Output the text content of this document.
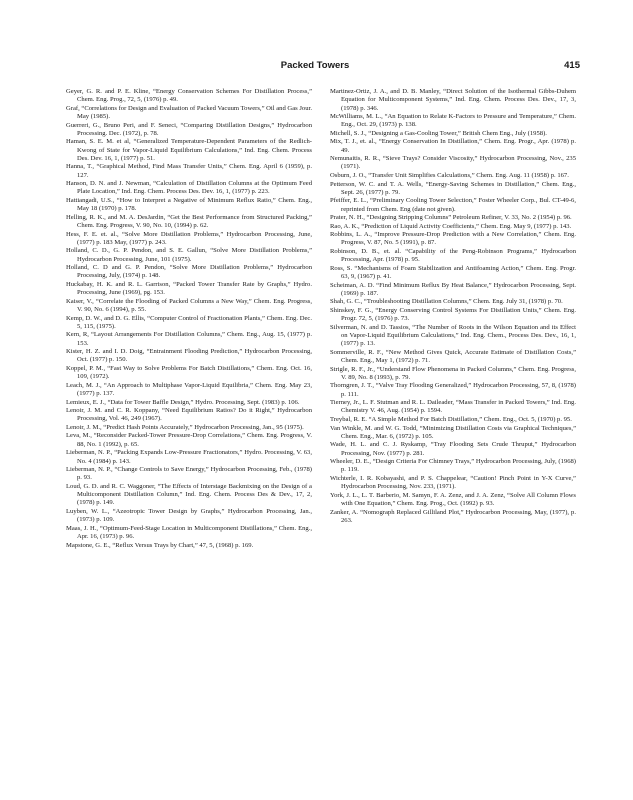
Packed Towers	415

Geyer, G. R. and P. E. Kline, “Energy Conservation Schemes For Distillation Process,” Chem. Eng. Prog., 72, 5, (1976) p. 49.

Graf, “Correlations for Design and Evaluation of Packed Vacuum Towers,” Oil and Gas Jour. May (1985).

Guerreri, G., Bruno Peri, and F. Seneci, “Comparing Distillation Designs,” Hydrocarbon Processing. Dec. (1972), p. 78.

Haman, S. E. M. et al, “Generalized Temperature-Dependent Parameters of the Redlich-Kwong of State for Vapor-Liquid Equilibrium Calculations,” Ind. Eng. Chem. Process Des. Dev. 16, 1, (1977) p. 51.

Hanna, T., “Graphical Method, Find Mass Transfer Units,” Chem. Eng. April 6 (1959), p. 127.

Hanson, D. N. and J. Newman, “Calculation of Distillation Columns at the Optimum Feed Plate Location,” Ind. Eng. Chem. Process Des. Dev. 16, 1, (1977) p. 223.

Hattiangadi, U.S., “How to Interpret a Negative of Minimum Reflux Ratio,” Chem. Eng., May 18 (1970) p. 178.

Helling, R. K., and M. A. DesJardin, “Get the Best Performance from Structured Packing,” Chem. Eng. Progress, V. 90, No. 10, (1994) p. 62.

Hess, F. E. et. al., “Solve More Distillation Problems,” Hydrocarbon Processing, June, (1977) p. 183 May, (1977) p. 243.

Holland, C. D., G. P. Pendon, and S. E. Gallun, “Solve More Distillation Problems,” Hydrocarbon Processing, June, 101 (1975).

Holland, C. D and G. P. Pendon, “Solve More Distillation Problems,” Hydrocarbon Processing, July, (1974) p. 148.

Huckabay, H. K. and R. L. Garrison, “Packed Tower Transfer Rate by Graphs,” Hydro. Processing, June (1969), pg. 153.

Kaiser, V., “Correlate the Flooding of Packed Columns a New Way,” Chem. Eng. Progress, V. 90, No. 6 (1994), p. 55.

Kemp, D. W., and D. G. Ellis, “Computer Control of Fractionation Plants,” Chem. Eng. Dec. 5, 115, (1975).

Kern, R, “Layout Arrangements For Distillation Columns,” Chem. Eng., Aug. 15, (1977) p. 153.

Kister, H. Z. and I. D. Doig, “Entrainment Flooding Prediction,” Hydrocarbon Processing, Oct. (1977) p. 150.

Koppel, P. M., “Fast Way to Solve Problems For Batch Distillations,” Chem. Eng. Oct. 16, 109, (1972).

Leach, M. J., “An Approach to Multiphase Vapor-Liquid Equilibria,” Chem. Eng. May 23, (1977) p. 137.

Lemieux, E. J., “Data for Tower Baffle Design,” Hydro. Processing, Sept. (1983) p. 106.

Lenoir, J. M. and C. R. Koppany, “Need Equilibrium Ratios? Do it Right,” Hydrocarbon Processing, Vol. 46, 249 (1967).

Lenoir, J. M., “Predict Hash Points Accurately,” Hydrocarbon Processing, Jan., 95 (1975).

Leva, M., “Reconsider Packed-Tower Pressure-Drop Correlations,” Chem. Eng. Progress, V. 88, No. 1 (1992), p. 65.

Lieberman, N. P., “Packing Expands Low-Pressure Fractionators,” Hydro. Processing, V. 63, No. 4 (1984) p. 143.

Lieberman, N. P., “Change Controls to Save Energy,” Hydrocarbon Processing, Feb., (1978) p. 93.

Loud, G. D. and R. C. Waggoner, “The Effects of Interstage Backmixing on the Design of a Multicomponent Distillation Column,” Ind. Eng. Chem. Process Des & Dev., 17, 2, (1978) p. 149.

Luyben, W. L., “Azeotropic Tower Design by Graphs,” Hydrocarbon Processing, Jan., (1973) p. 109.

Maas, J. H., “Optimum-Feed-Stage Location in Multicomponent Distillations,” Chem. Eng., Apr. 16, (1973) p. 96.

Mapstone, G. E., “Reflux Versus Trays by Chart,” 47, 5, (1968) p. 169.

Martinez-Ortiz, J. A., and D. B. Manley, “Direct Solution of the Isothermal Gibbs-Duhem Equation for Multicomponent Systems,” Ind. Eng. Chem. Process Des. Dev., 17, 3, (1978) p. 346.

McWilliams, M. L., “An Equation to Relate K-Factors to Pressure and Temperature,” Chem. Eng., Oct. 29, (1973) p. 138.

Michell, S. J., “Designing a Gas-Cooling Tower,” British Chem Eng., July (1958).

Mix, T. J., et. al., “Energy Conservation In Distillation,” Chem. Eng. Progr., Apr. (1978) p. 49.

Nemunaitis, R. R., “Sieve Trays? Consider Viscosity,” Hydrocarbon Processing, Nov., 235 (1971).

Osburn, J. O., “Transfer Unit Simplifies Calculations,” Chem. Eng. Aug. 11 (1958) p. 167.

Petterson, W. C. and T. A. Wells, “Energy-Saving Schemes in Distillation,” Chem. Eng., Sept. 26, (1977) p. 79.

Pfeiffer, E. L., “Preliminary Cooling Tower Selection,” Foster Wheeler Corp., Bul. CT-49-6, reprinted from Chem. Eng (date not given).

Prater, N. H., “Designing Stripping Columns” Petroleum Refiner, V. 33, No. 2 (1954) p. 96.

Rao, A. K., “Prediction of Liquid Activity Coefficients,” Chem. Eng. May 9, (1977) p. 143.

Robbins, L. A., “Improve Pressure-Drop Prediction with a New Correlation,” Chem. Eng. Progress, V. 87, No. 5 (1991), p. 87.

Robinson, D. B., et. al. “Capability of the Peng-Robinson Programs,” Hydrocarbon Processing, Apr. (1978) p. 95.

Ross, S. “Mechanisms of Foam Stabilization and Antifoaming Action,” Chem. Eng. Progr. 63, 9, (1967) p. 41.

Scheiman, A. D. “Find Minimum Reflux By Heat Balance,” Hydrocarbon Processing, Sept. (1969) p. 187.

Shah, G. C., “Troubleshooting Distillation Columns,” Chem. Eng. July 31, (1978) p. 70.

Shinskey, F. G., “Energy Conserving Control Systems For Distillation Units,” Chem. Eng. Progr. 72, 5, (1976) p. 73.

Silverman, N. and D. Tassios, “The Number of Roots in the Wilson Equation and its Effect on Vapor-Liquid Equilibrium Calculations,” Ind. Eng. Chem., Process Des. Dev., 16, 1, (1977) p. 13.

Sommerville, R. F., “New Method Gives Quick, Accurate Estimate of Distillation Costs,” Chem. Eng., May 1, (1972) p. 71.

Strigle, R. F., Jr., “Understand Flow Phenomena in Packed Columns,” Chem. Eng. Progress, V. 89, No. 8 (1993), p. 79.

Thorngren, J. T., “Valve Tray Flooding Generalized,” Hydrocarbon Processing, 57, 8, (1978) p. 111.

Tierney, Jr., L. F. Stutman and R. L. Daileader, “Mass Transfer in Packed Towers,” Ind. Eng. Chemistry V. 46, Aug. (1954) p. 1594.

Treybal, R. E. “A Simple Method For Batch Distillation,” Chem. Eng., Oct. 5, (1970) p. 95.

Van Winkle, M. and W. G. Todd, “Minimizing Distillation Costs via Graphical Techniques,” Chem. Eng., Mar. 6, (1972) p. 105.

Wade, H. L. and C. J. Ryskamp, “Tray Flooding Sets Crude Thruput,” Hydrocarbon Processing, Nov. (1977) p. 281.

Wheeler, D. E., “Design Criteria For Chimney Trays,” Hydrocarbon Processing, July, (1968) p. 119.

Wichterle, I. R. Kobayashi, and P. S. Chappelear, “Caution! Pinch Point in Y-X Curve,” Hydrocarbon Processing, Nov. 233, (1971).

York, J. L., L. T. Barberio, M. Samyn, F. A. Zenz, and J. A. Zenz, “Solve All Column Flows with One Equation,” Chem. Eng. Prog., Oct. (1992) p. 93.

Zanker, A. “Nomograph Replaced Gilliland Plot,” Hydrocarbon Processing, May, (1977), p. 263.
